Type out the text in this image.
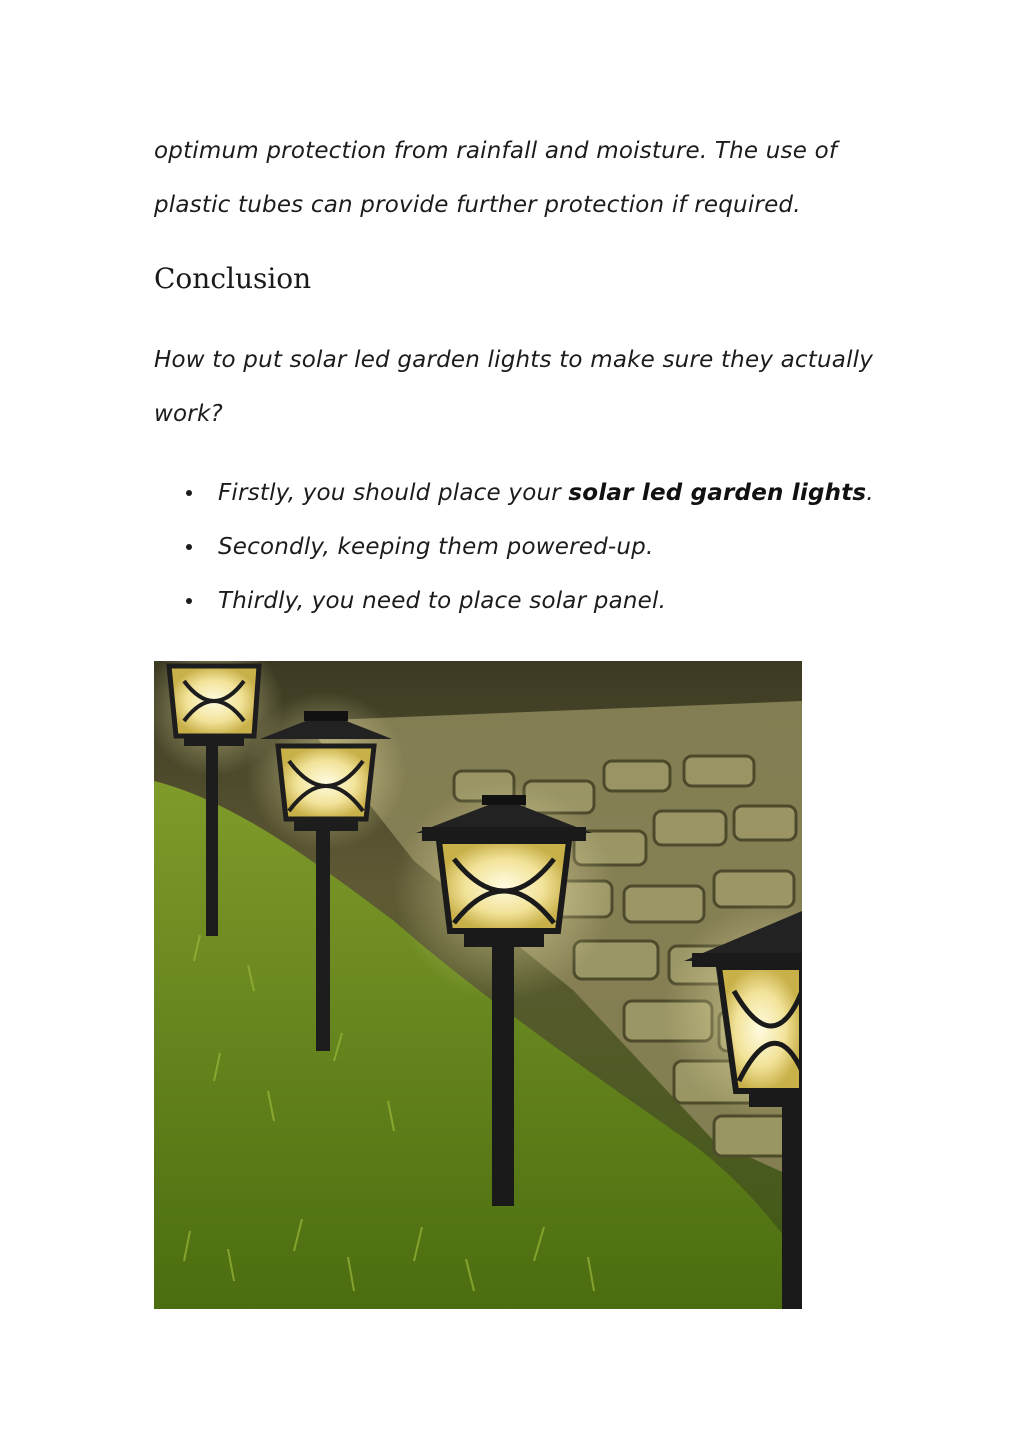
optimum protection from rainfall and moisture. The use of plastic tubes can provide further protection if required.

Conclusion

How to put solar led garden lights to make sure they actually work?

Firstly, you should place your solar led garden lights.
Secondly, keeping them powered-up.
Thirdly, you need to place solar panel.
